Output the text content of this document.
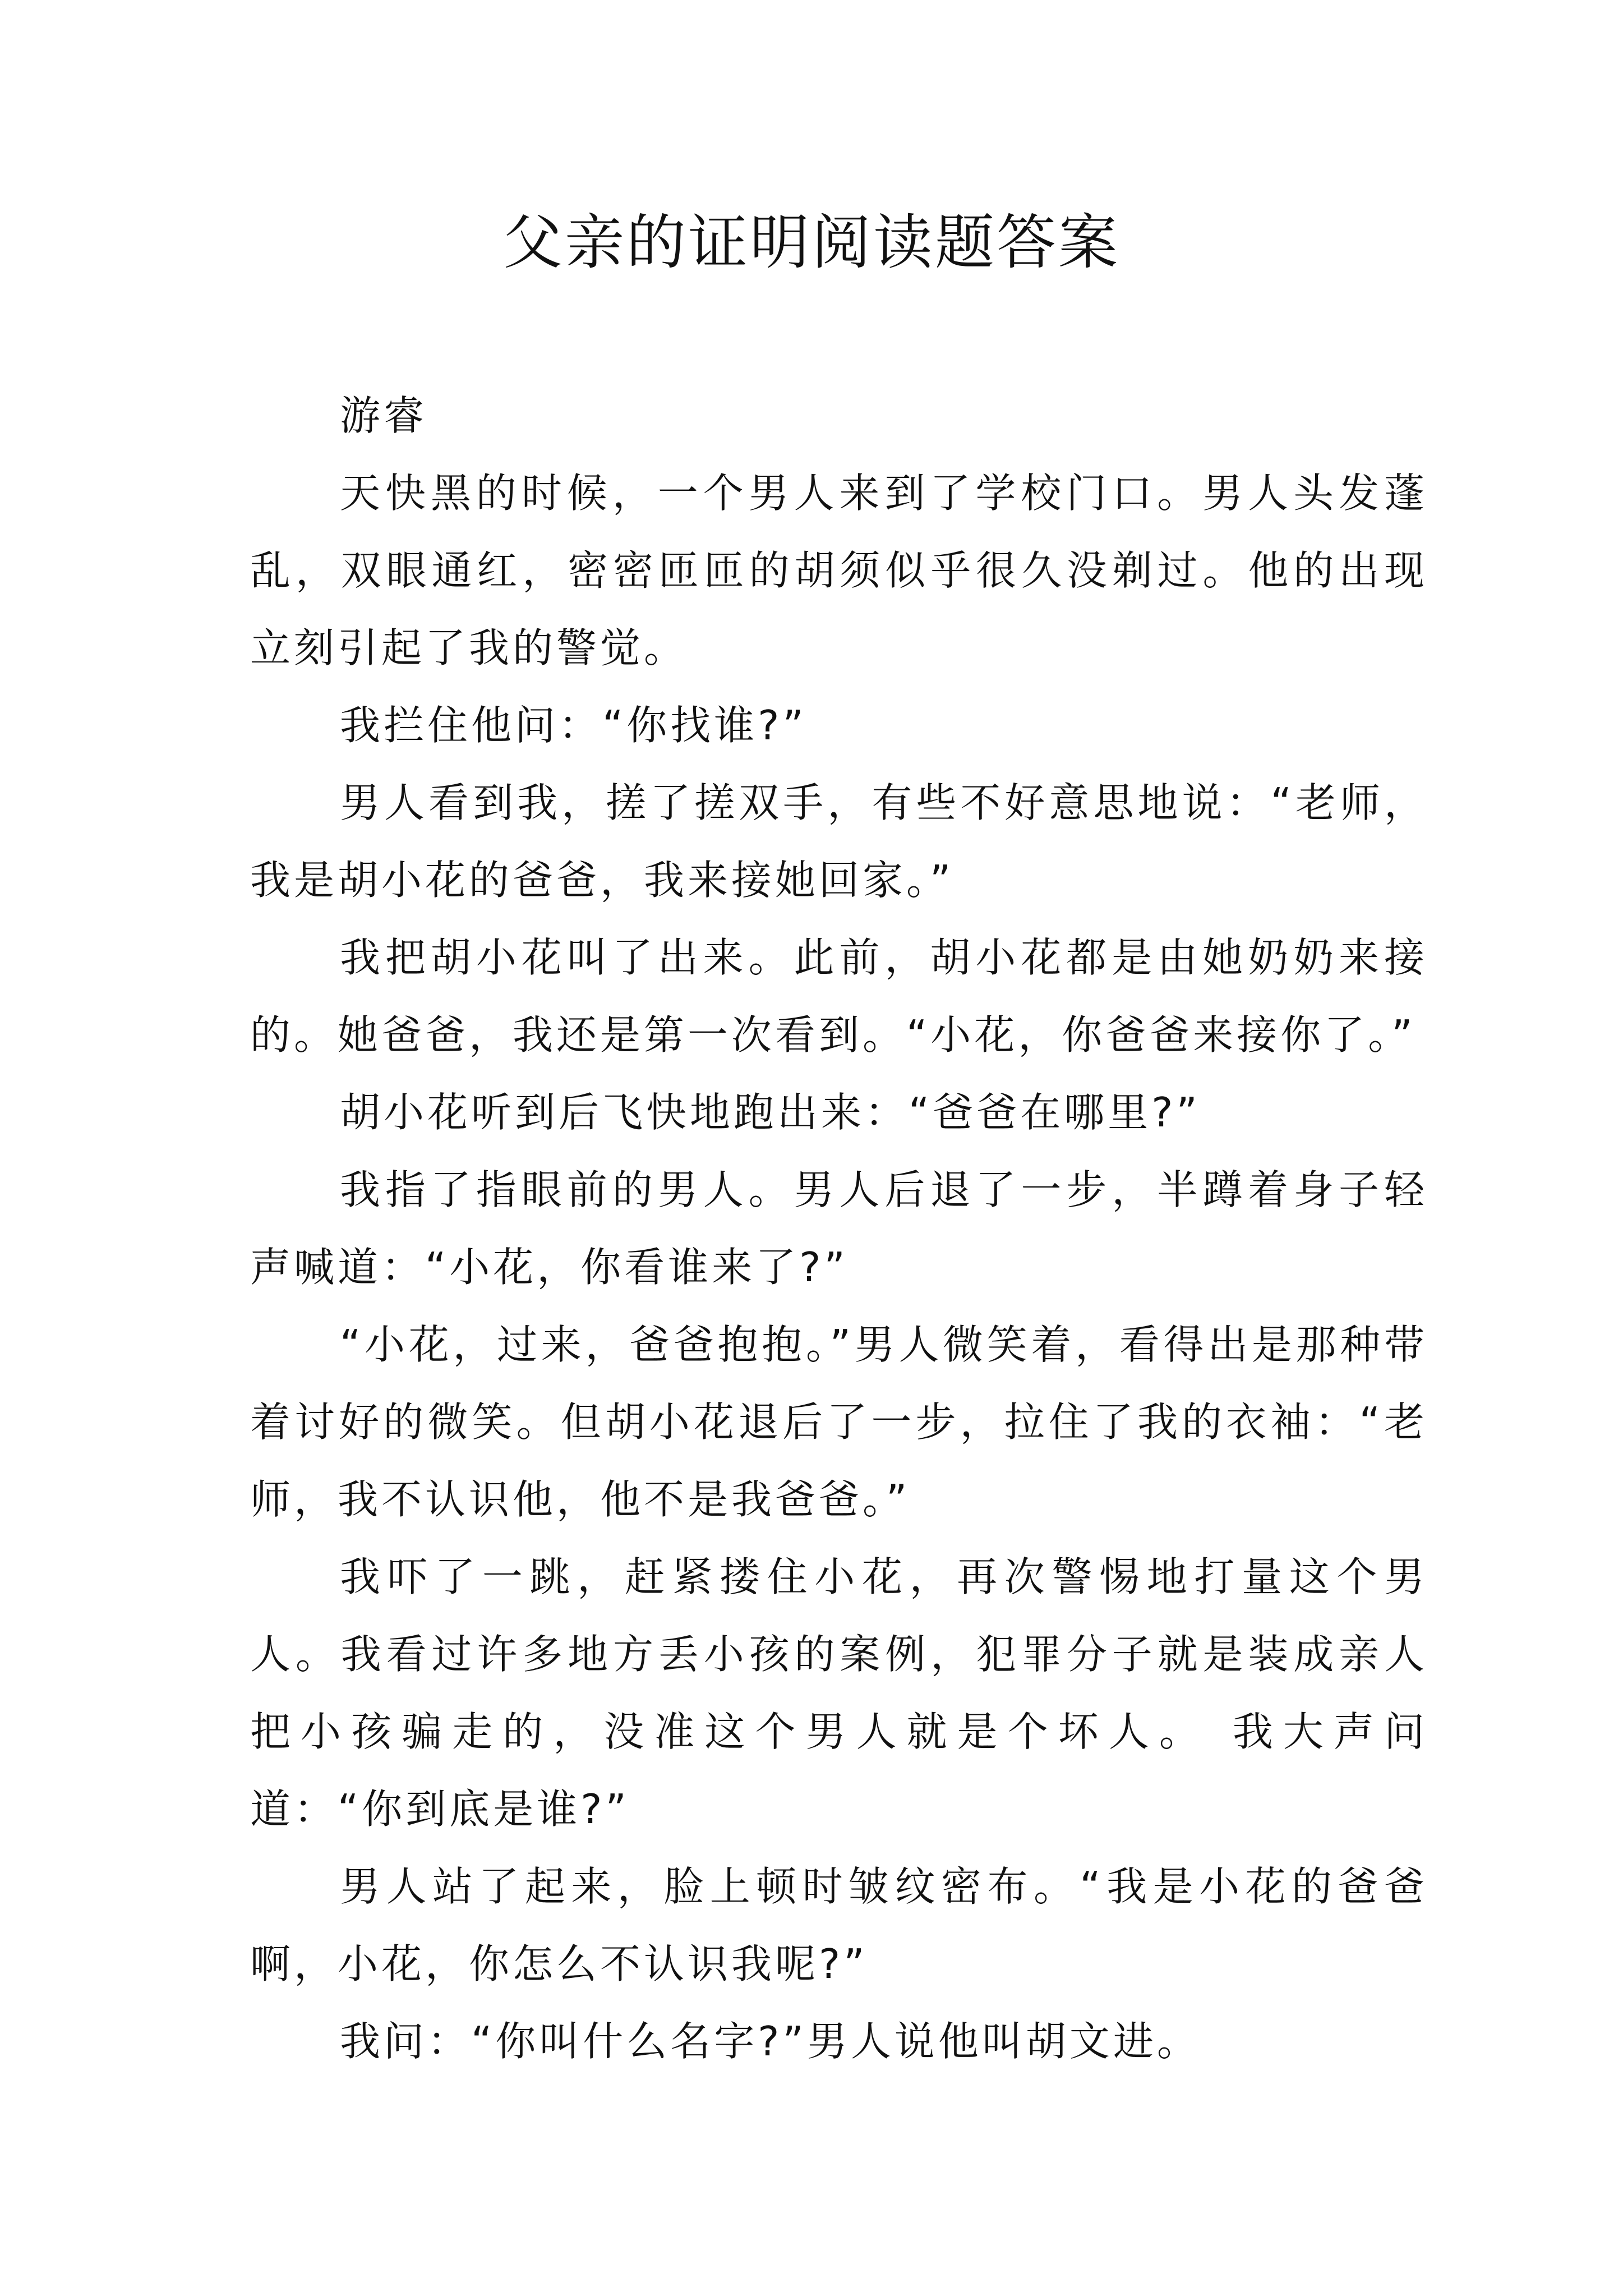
父亲的证明阅读题答案

游睿

天快黑的时候，一个男人来到了学校门口。男人头发蓬乱，双眼通红，密密匝匝的胡须似乎很久没剃过。他的出现立刻引起了我的警觉。

我拦住他问：“你找谁?”

男人看到我，搓了搓双手，有些不好意思地说：“老师，我是胡小花的爸爸，我来接她回家。”

我把胡小花叫了出来。此前，胡小花都是由她奶奶来接的。她爸爸，我还是第一次看到。“小花，你爸爸来接你了。”

胡小花听到后飞快地跑出来：“爸爸在哪里?”

我指了指眼前的男人。男人后退了一步，半蹲着身子轻声喊道：“小花，你看谁来了?”

“小花，过来，爸爸抱抱。”男人微笑着，看得出是那种带着讨好的微笑。但胡小花退后了一步，拉住了我的衣袖：“老师，我不认识他，他不是我爸爸。”

我吓了一跳，赶紧搂住小花，再次警惕地打量这个男人。我看过许多地方丢小孩的案例，犯罪分子就是装成亲人把小孩骗走的，没准这个男人就是个坏人。 我大声问道：“你到底是谁?”

男人站了起来，脸上顿时皱纹密布。“我是小花的爸爸啊，小花，你怎么不认识我呢?”

我问：“你叫什么名字?”男人说他叫胡文进。
